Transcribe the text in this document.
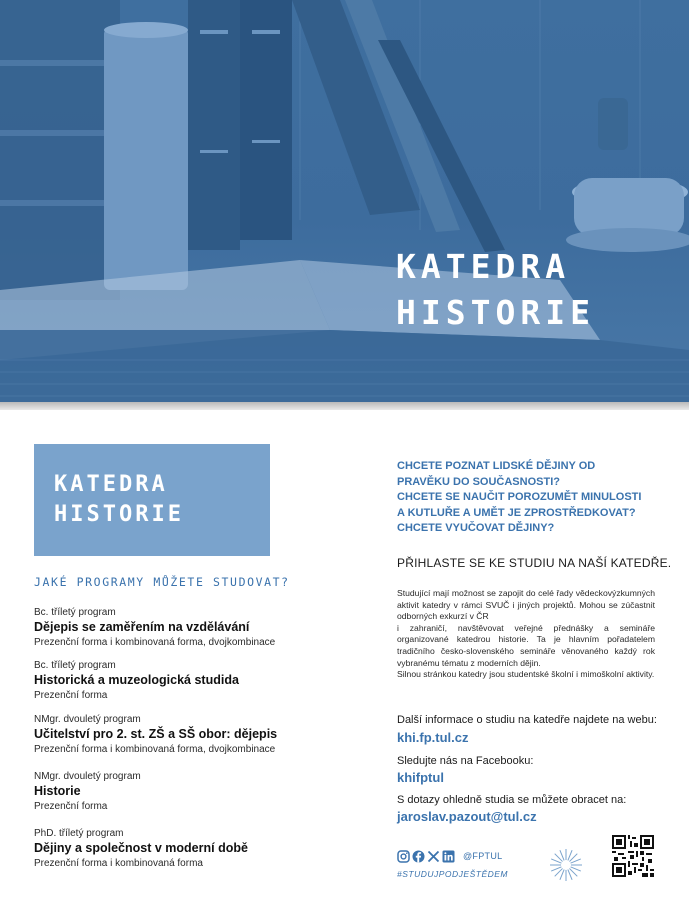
KATEDRA
HISTORIE
KATEDRA
HISTORIE
JAKÉ PROGRAMY MŮŽETE STUDOVAT?
Bc. tříletý program
Dějepis se zaměřením na vzdělávání
Prezenční forma i kombinovaná forma, dvojkombinace
Bc. tříletý program
Historická a muzeologická studida
Prezenční forma
NMgr. dvouletý program
Učitelství pro 2. st. ZŠ a SŠ obor: dějepis
Prezenční forma i kombinovaná forma, dvojkombinace
NMgr. dvouletý program
Historie
Prezenční forma
PhD. tříletý program
Dějiny a společnost v moderní době
Prezenční forma i kombinovaná forma
CHCETE POZNAT LIDSKÉ DĚJINY OD
PRAVĚKU DO SOUČASNOSTI?
CHCETE SE NAUČIT POROZUMĚT MINULOSTI
A KUTLUŘE A UMĚT JE ZPROSTŘEDKOVAT?
CHCETE VYUČOVAT DĚJINY?
PŘIHLASTE SE KE STUDIU NA NAŠÍ KATEDŘE.

Studující mají možnost se zapojit do celé řady vědeckovýzkumných aktivit katedry v rámci SVUČ i jiných projektů. Mohou se zúčastnit odborných exkurzí v ČR

i zahraničí, navštěvovat veřejné přednášky a semináře organizované katedrou historie. Ta je hlavním pořadatelem tradičního česko-slovenského semináře věnovaného každý rok vybranému tématu z moderních dějin.

Silnou stránkou katedry jsou studentské školní i mimoškolní aktivity.

Další informace o studiu na katedře najdete na webu:
khi.fp.tul.cz
Sledujte nás na Facebooku:
khifptul
S dotazy ohledně studia se můžete obracet na:
jaroslav.pazout@tul.cz
@FPTUL
#STUDUJPODJEŠTĚDEM
